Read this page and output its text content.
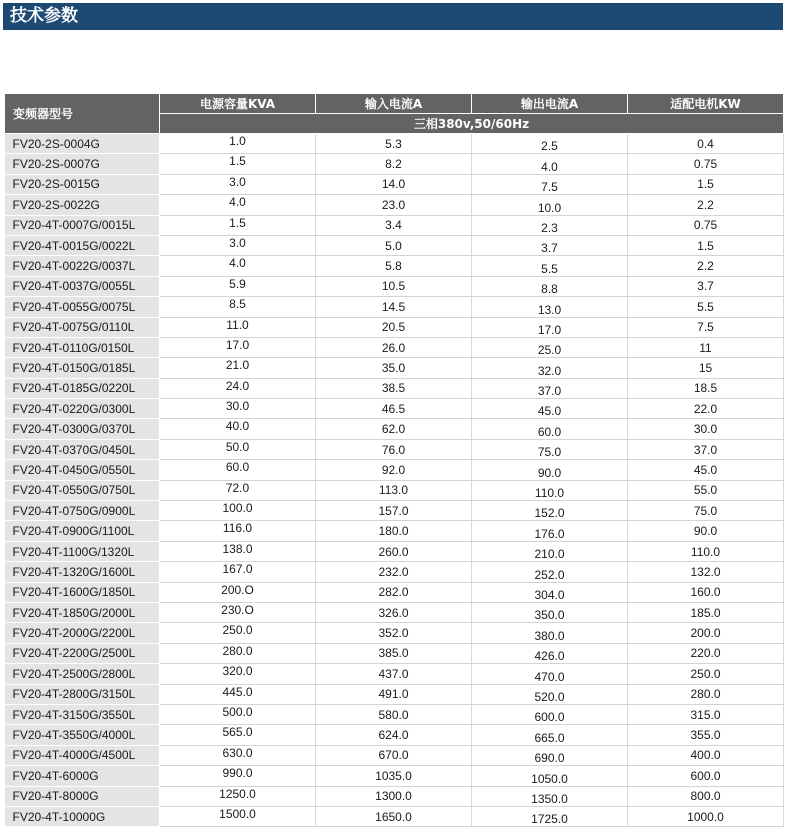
技术参数
变频器型号	电源容量KVA	输入电流A	输出电流A	适配电机KW
	三相380v,50/60Hz			
FV20-2S-0004G	1.0	5.3	2.5	0.4
FV20-2S-0007G	1.5	8.2	4.0	0.75
FV20-2S-0015G	3.0	14.0	7.5	1.5
FV20-2S-0022G	4.0	23.0	10.0	2.2
FV20-4T-0007G/0015L	1.5	3.4	2.3	0.75
FV20-4T-0015G/0022L	3.0	5.0	3.7	1.5
FV20-4T-0022G/0037L	4.0	5.8	5.5	2.2
FV20-4T-0037G/0055L	5.9	10.5	8.8	3.7
FV20-4T-0055G/0075L	8.5	14.5	13.0	5.5
FV20-4T-0075G/0110L	11.0	20.5	17.0	7.5
FV20-4T-0110G/0150L	17.0	26.0	25.0	11
FV20-4T-0150G/0185L	21.0	35.0	32.0	15
FV20-4T-0185G/0220L	24.0	38.5	37.0	18.5
FV20-4T-0220G/0300L	30.0	46.5	45.0	22.0
FV20-4T-0300G/0370L	40.0	62.0	60.0	30.0
FV20-4T-0370G/0450L	50.0	76.0	75.0	37.0
FV20-4T-0450G/0550L	60.0	92.0	90.0	45.0
FV20-4T-0550G/0750L	72.0	113.0	110.0	55.0
FV20-4T-0750G/0900L	100.0	157.0	152.0	75.0
FV20-4T-0900G/1100L	116.0	180.0	176.0	90.0
FV20-4T-1100G/1320L	138.0	260.0	210.0	110.0
FV20-4T-1320G/1600L	167.0	232.0	252.0	132.0
FV20-4T-1600G/1850L	200.O	282.0	304.0	160.0
FV20-4T-1850G/2000L	230.O	326.0	350.0	185.0
FV20-4T-2000G/2200L	250.0	352.0	380.0	200.0
FV20-4T-2200G/2500L	280.0	385.0	426.0	220.0
FV20-4T-2500G/2800L	320.0	437.0	470.0	250.0
FV20-4T-2800G/3150L	445.0	491.0	520.0	280.0
FV20-4T-3150G/3550L	500.0	580.0	600.0	315.0
FV20-4T-3550G/4000L	565.0	624.0	665.0	355.0
FV20-4T-4000G/4500L	630.0	670.0	690.0	400.0
FV20-4T-6000G	990.0	1035.0	1050.0	600.0
FV20-4T-8000G	1250.0	1300.0	1350.0	800.0
FV20-4T-10000G	1500.0	1650.0	1725.0	1000.0
